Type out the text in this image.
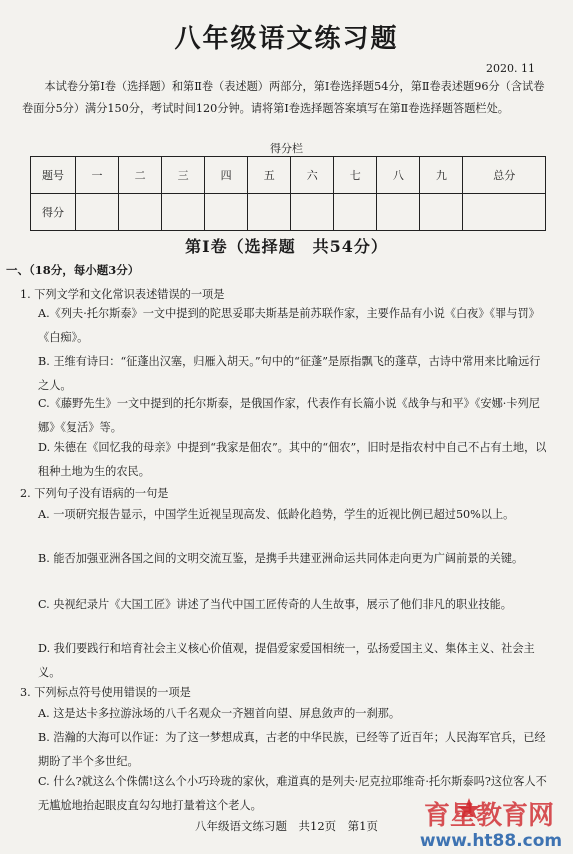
八年级语文练习题
2020. 11
本试卷分第Ⅰ卷（选择题）和第Ⅱ卷（表述题）两部分，第Ⅰ卷选择题54分，第Ⅱ卷表述题96分（含试卷卷面分5分）满分150分，考试时间120分钟。请将第Ⅰ卷选择题答案填写在第Ⅱ卷选择题答题栏处。
得分栏
题号	一	二	三	四	五	六	七	八	九	总分
得分										
第Ⅰ卷（选择题　共54分）
一、（18分，每小题3分）
1. 下列文学和文化常识表述错误的一项是
A.《列夫·托尔斯泰》一文中提到的陀思妥耶夫斯基是前苏联作家，主要作品有小说《白夜》《罪与罚》《白痴》。
B. 王维有诗曰：“征蓬出汉塞，归雁入胡天。”句中的“征蓬”是原指飘飞的蓬草，古诗中常用来比喻远行之人。
C.《藤野先生》一文中提到的托尔斯泰，是俄国作家，代表作有长篇小说《战争与和平》《安娜·卡列尼娜》《复活》等。
D. 朱德在《回忆我的母亲》中提到“我家是佃农”。其中的“佃农”，旧时是指农村中自己不占有土地，以租种土地为生的农民。
2. 下列句子没有语病的一句是
A. 一项研究报告显示，中国学生近视呈现高发、低龄化趋势，学生的近视比例已超过50%以上。
B. 能否加强亚洲各国之间的文明交流互鉴，是携手共建亚洲命运共同体走向更为广阔前景的关键。
C. 央视纪录片《大国工匠》讲述了当代中国工匠传奇的人生故事，展示了他们非凡的职业技能。
D. 我们要践行和培育社会主义核心价值观，提倡爱家爱国相统一，弘扬爱国主义、集体主义、社会主义。
3. 下列标点符号使用错误的一项是
A. 这是达卡多拉游泳场的八千名观众一齐翘首向望、屏息敛声的一刹那。
B. 浩瀚的大海可以作证：为了这一梦想成真，古老的中华民族，已经等了近百年；人民海军官兵，已经期盼了半个多世纪。
C. 什么?就这么个侏儒!这么个小巧玲珑的家伙，难道真的是列夫·尼克拉耶维奇·托尔斯泰吗?这位客人不无尴尬地抬起眼皮直勾勾地打量着这个老人。
八年级语文练习题　共12页　第1页	育星教育网
www.ht88.com
